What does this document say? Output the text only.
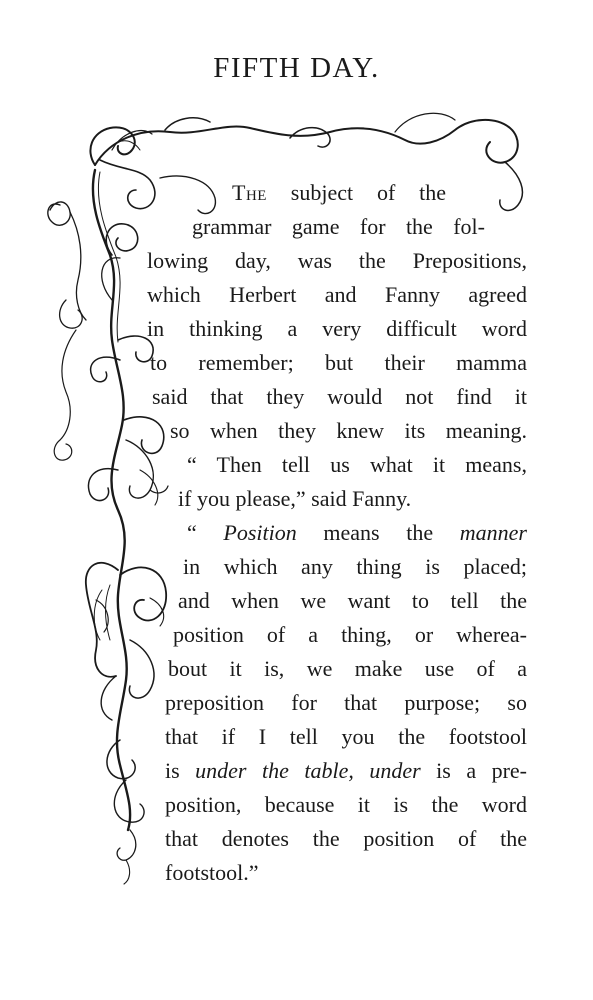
FIFTH DAY.
The subject of the
grammar game for the fol-
lowing day, was the Prepositions,
which Herbert and Fanny agreed
in thinking a very difficult word
to remember; but their mamma
said that they would not find it
so when they knew its meaning.
“ Then tell us what it means,
if you please,” said Fanny.
“ Position means the manner
in which any thing is placed;
and when we want to tell the
position of a thing, or wherea-
bout it is, we make use of a
preposition for that purpose; so
that if I tell you the footstool
is under the table, under is a pre-
position, because it is the word
that denotes the position of the
footstool.”
